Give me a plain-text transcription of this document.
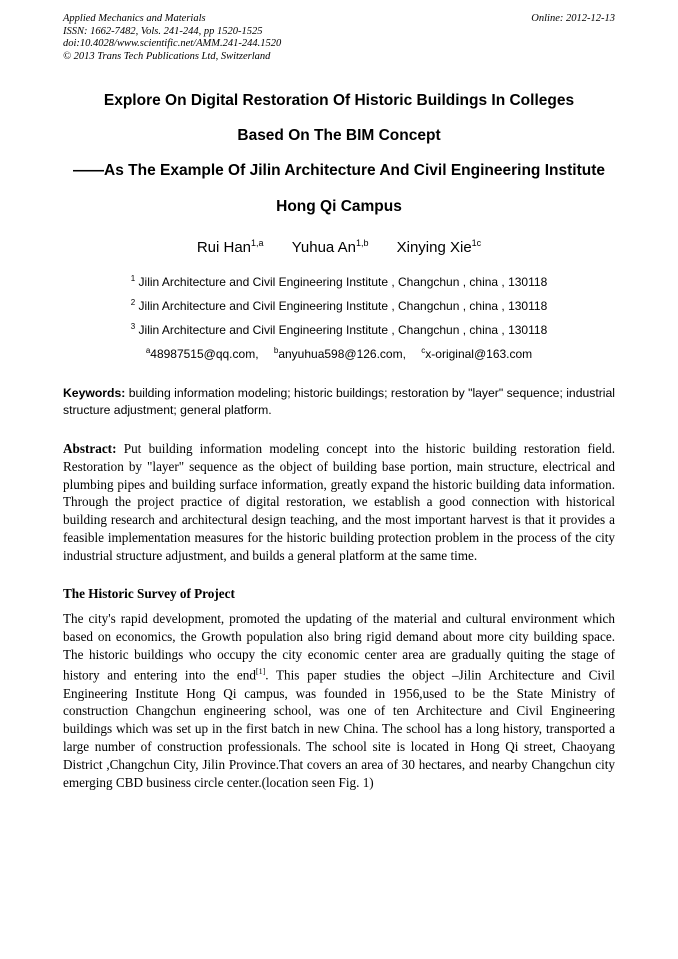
Applied Mechanics and Materials
ISSN: 1662-7482, Vols. 241-244, pp 1520-1525
doi:10.4028/www.scientific.net/AMM.241-244.1520
© 2013 Trans Tech Publications Ltd, Switzerland
Online: 2012-12-13
Explore On Digital Restoration Of Historic Buildings In Colleges
Based On The BIM Concept
——As The Example Of Jilin Architecture And Civil Engineering Institute
Hong Qi Campus
Rui Han$^{1,a}$ Yuhua An$^{1,b}$ Xinying Xie$^{1c}$
$^1$ Jilin Architecture and Civil Engineering Institute , Changchun , china , 130118
$^2$ Jilin Architecture and Civil Engineering Institute , Changchun , china , 130118
$^3$ Jilin Architecture and Civil Engineering Institute , Changchun , china , 130118
$^a$48987515@qq.com, $^b$anyuhua598@126.com, $^c$x-original@163.com
Keywords: building information modeling; historic buildings; restoration by "layer" sequence; industrial structure adjustment; general platform.
Abstract: Put building information modeling concept into the historic building restoration field. Restoration by "layer" sequence as the object of building base portion, main structure, electrical and plumbing pipes and building surface information, greatly expand the historic building data information. Through the project practice of digital restoration, we establish a good connection with historical building research and architectural design teaching, and the most important harvest is that it provides a feasible implementation measures for the historic building protection problem in the process of the city industrial structure adjustment, and builds a general platform at the same time.
The Historic Survey of Project
The city's rapid development, promoted the updating of the material and cultural environment which based on economics, the Growth population also bring rigid demand about more city building space. The historic buildings who occupy the city economic center area are gradually quiting the stage of history and entering into the end[1]. This paper studies the object –Jilin Architecture and Civil Engineering Institute Hong Qi campus, was founded in 1956,used to be the State Ministry of construction Changchun engineering school, was one of ten Architecture and Civil Engineering buildings which was set up in the first batch in new China. The school has a long history, transported a large number of construction professionals. The school site is located in Hong Qi street, Chaoyang District ,Changchun City, Jilin Province.That covers an area of 30 hectares, and nearby Changchun city emerging CBD business circle center.(location seen Fig. 1)
